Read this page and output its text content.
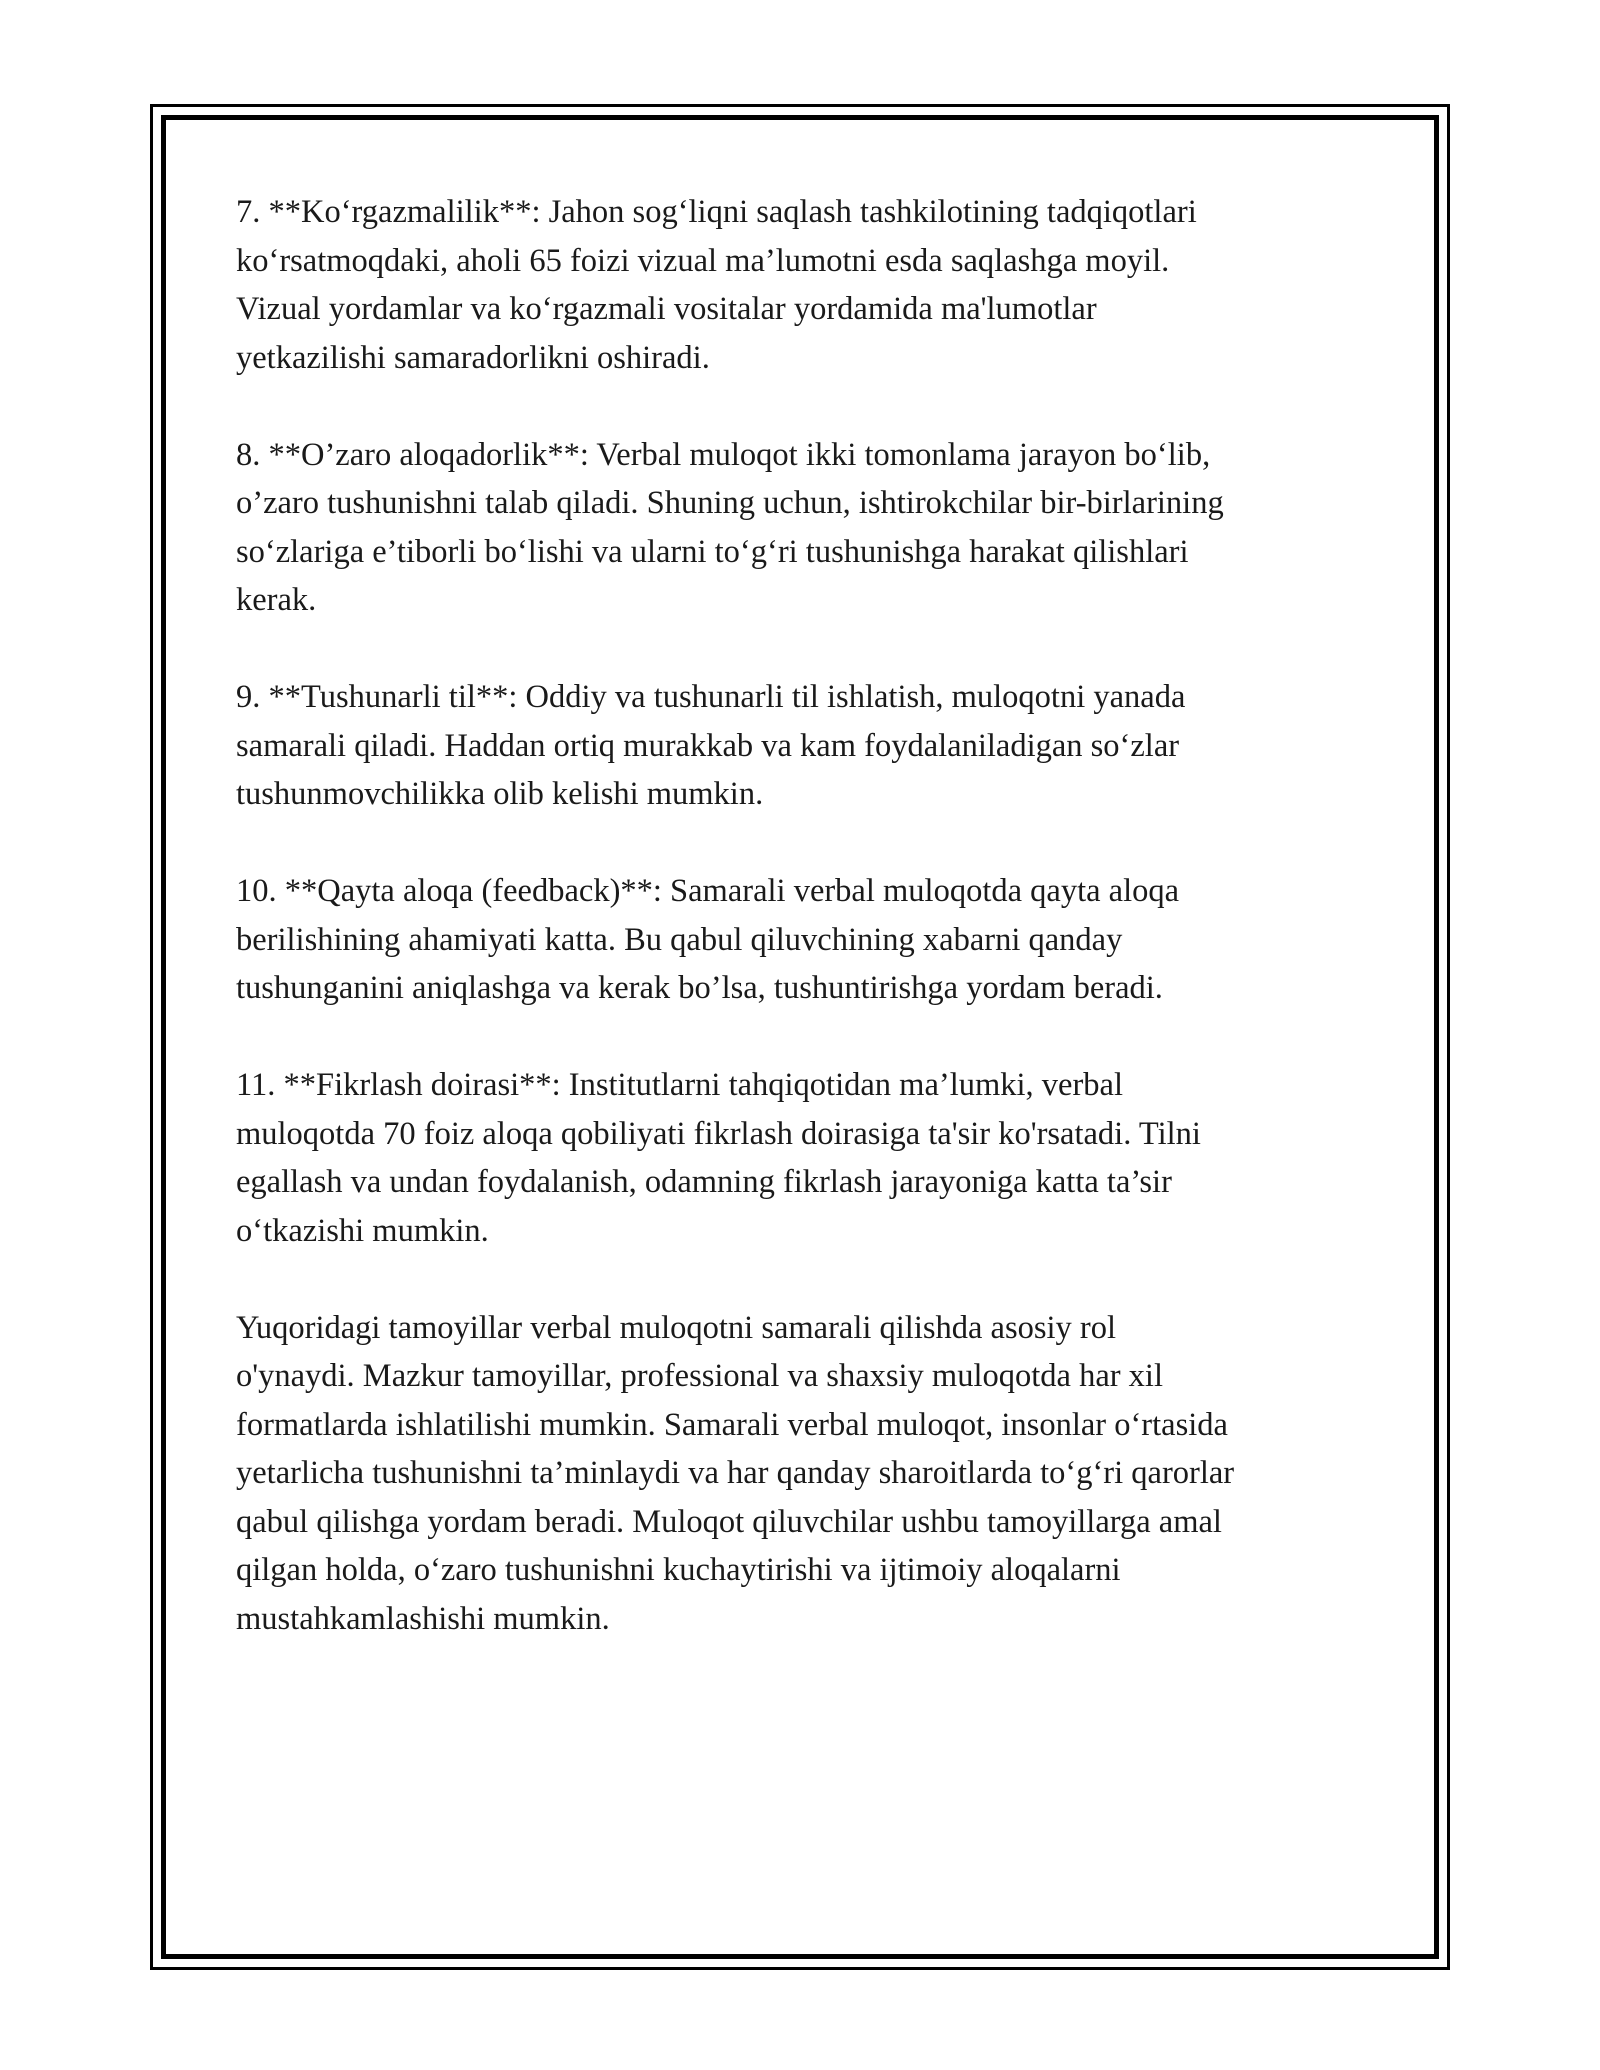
7. **Ko‘rgazmalilik**: Jahon sog‘liqni saqlash tashkilotining tadqiqotlari
ko‘rsatmoqdaki, aholi 65 foizi vizual ma’lumotni esda saqlashga moyil.
Vizual yordamlar va ko‘rgazmali vositalar yordamida ma'lumotlar
yetkazilishi samaradorlikni oshiradi.

8. **O’zaro aloqadorlik**: Verbal muloqot ikki tomonlama jarayon bo‘lib,
o’zaro tushunishni talab qiladi. Shuning uchun, ishtirokchilar bir-birlarining
so‘zlariga e’tiborli bo‘lishi va ularni to‘g‘ri tushunishga harakat qilishlari
kerak.

9. **Tushunarli til**: Oddiy va tushunarli til ishlatish, muloqotni yanada
samarali qiladi. Haddan ortiq murakkab va kam foydalaniladigan so‘zlar
tushunmovchilikka olib kelishi mumkin.

10. **Qayta aloqa (feedback)**: Samarali verbal muloqotda qayta aloqa
berilishining ahamiyati katta. Bu qabul qiluvchining xabarni qanday
tushunganini aniqlashga va kerak bo’lsa, tushuntirishga yordam beradi.

11. **Fikrlash doirasi**: Institutlarni tahqiqotidan ma’lumki, verbal
muloqotda 70 foiz aloqa qobiliyati fikrlash doirasiga ta'sir ko'rsatadi. Tilni
egallash va undan foydalanish, odamning fikrlash jarayoniga katta ta’sir
o‘tkazishi mumkin.

Yuqoridagi tamoyillar verbal muloqotni samarali qilishda asosiy rol
o'ynaydi. Mazkur tamoyillar, professional va shaxsiy muloqotda har xil
formatlarda ishlatilishi mumkin. Samarali verbal muloqot, insonlar o‘rtasida
yetarlicha tushunishni ta’minlaydi va har qanday sharoitlarda to‘g‘ri qarorlar
qabul qilishga yordam beradi. Muloqot qiluvchilar ushbu tamoyillarga amal
qilgan holda, o‘zaro tushunishni kuchaytirishi va ijtimoiy aloqalarni
mustahkamlashishi mumkin.
